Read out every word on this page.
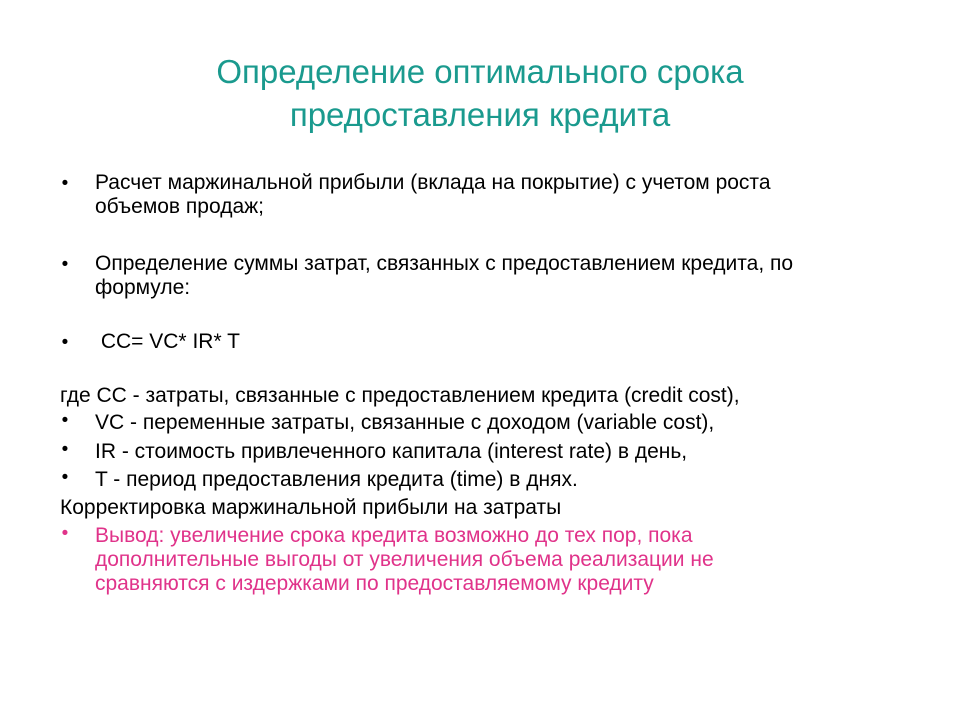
Определение оптимального срока
предоставления кредита
•	Расчет маржинальной прибыли (вклада на покрытие) с учетом роста
объемов продаж;
•	Определение суммы затрат, связанных с предоставлением кредита, по
формуле:
•	CC= VC* IR* T
где CC - затраты, связанные с предоставлением кредита (credit cost),
•	VC - переменные затраты, связанные с доходом (variable cost),
•	IR - стоимость привлеченного капитала (interest rate) в день,
•	T - период предоставления кредита (time) в днях.
Корректировка маржинальной прибыли на затраты
•	Вывод: увеличение срока кредита возможно до тех пор, пока
дополнительные выгоды от увеличения объема реализации не
сравняются с издержками по предоставляемому кредиту
